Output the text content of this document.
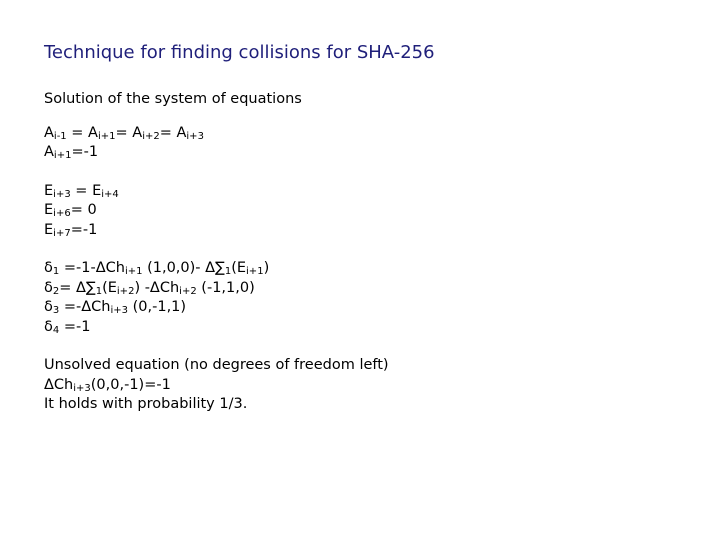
Technique for finding collisions for SHA-256
Solution of the system of equations
$A_{i-1} = A_{i+1}= A_{i+2}= A_{i+3}$
$A_{i+1}=-1$
$E_{i+3} = E_{i+4}$
$E_{i+6}= 0$
$E_{i+7}=-1$
$\delta_1 =-1-\Delta Ch_{i+1}$ (1,0,0)- $\Delta\sum_1(E_{i+1})$
$\delta_2= \Delta\sum_1(E_{i+2})$ -ΔCh$_{i+2}$ (-1,1,0)
$\delta_3 =-\Delta Ch_{i+3}$ (0,-1,1)
$\delta_4 =-1$
Unsolved equation (no degrees of freedom left)
ΔCh$_{i+3}$(0,0,-1)=-1
It holds with probability 1/3.
